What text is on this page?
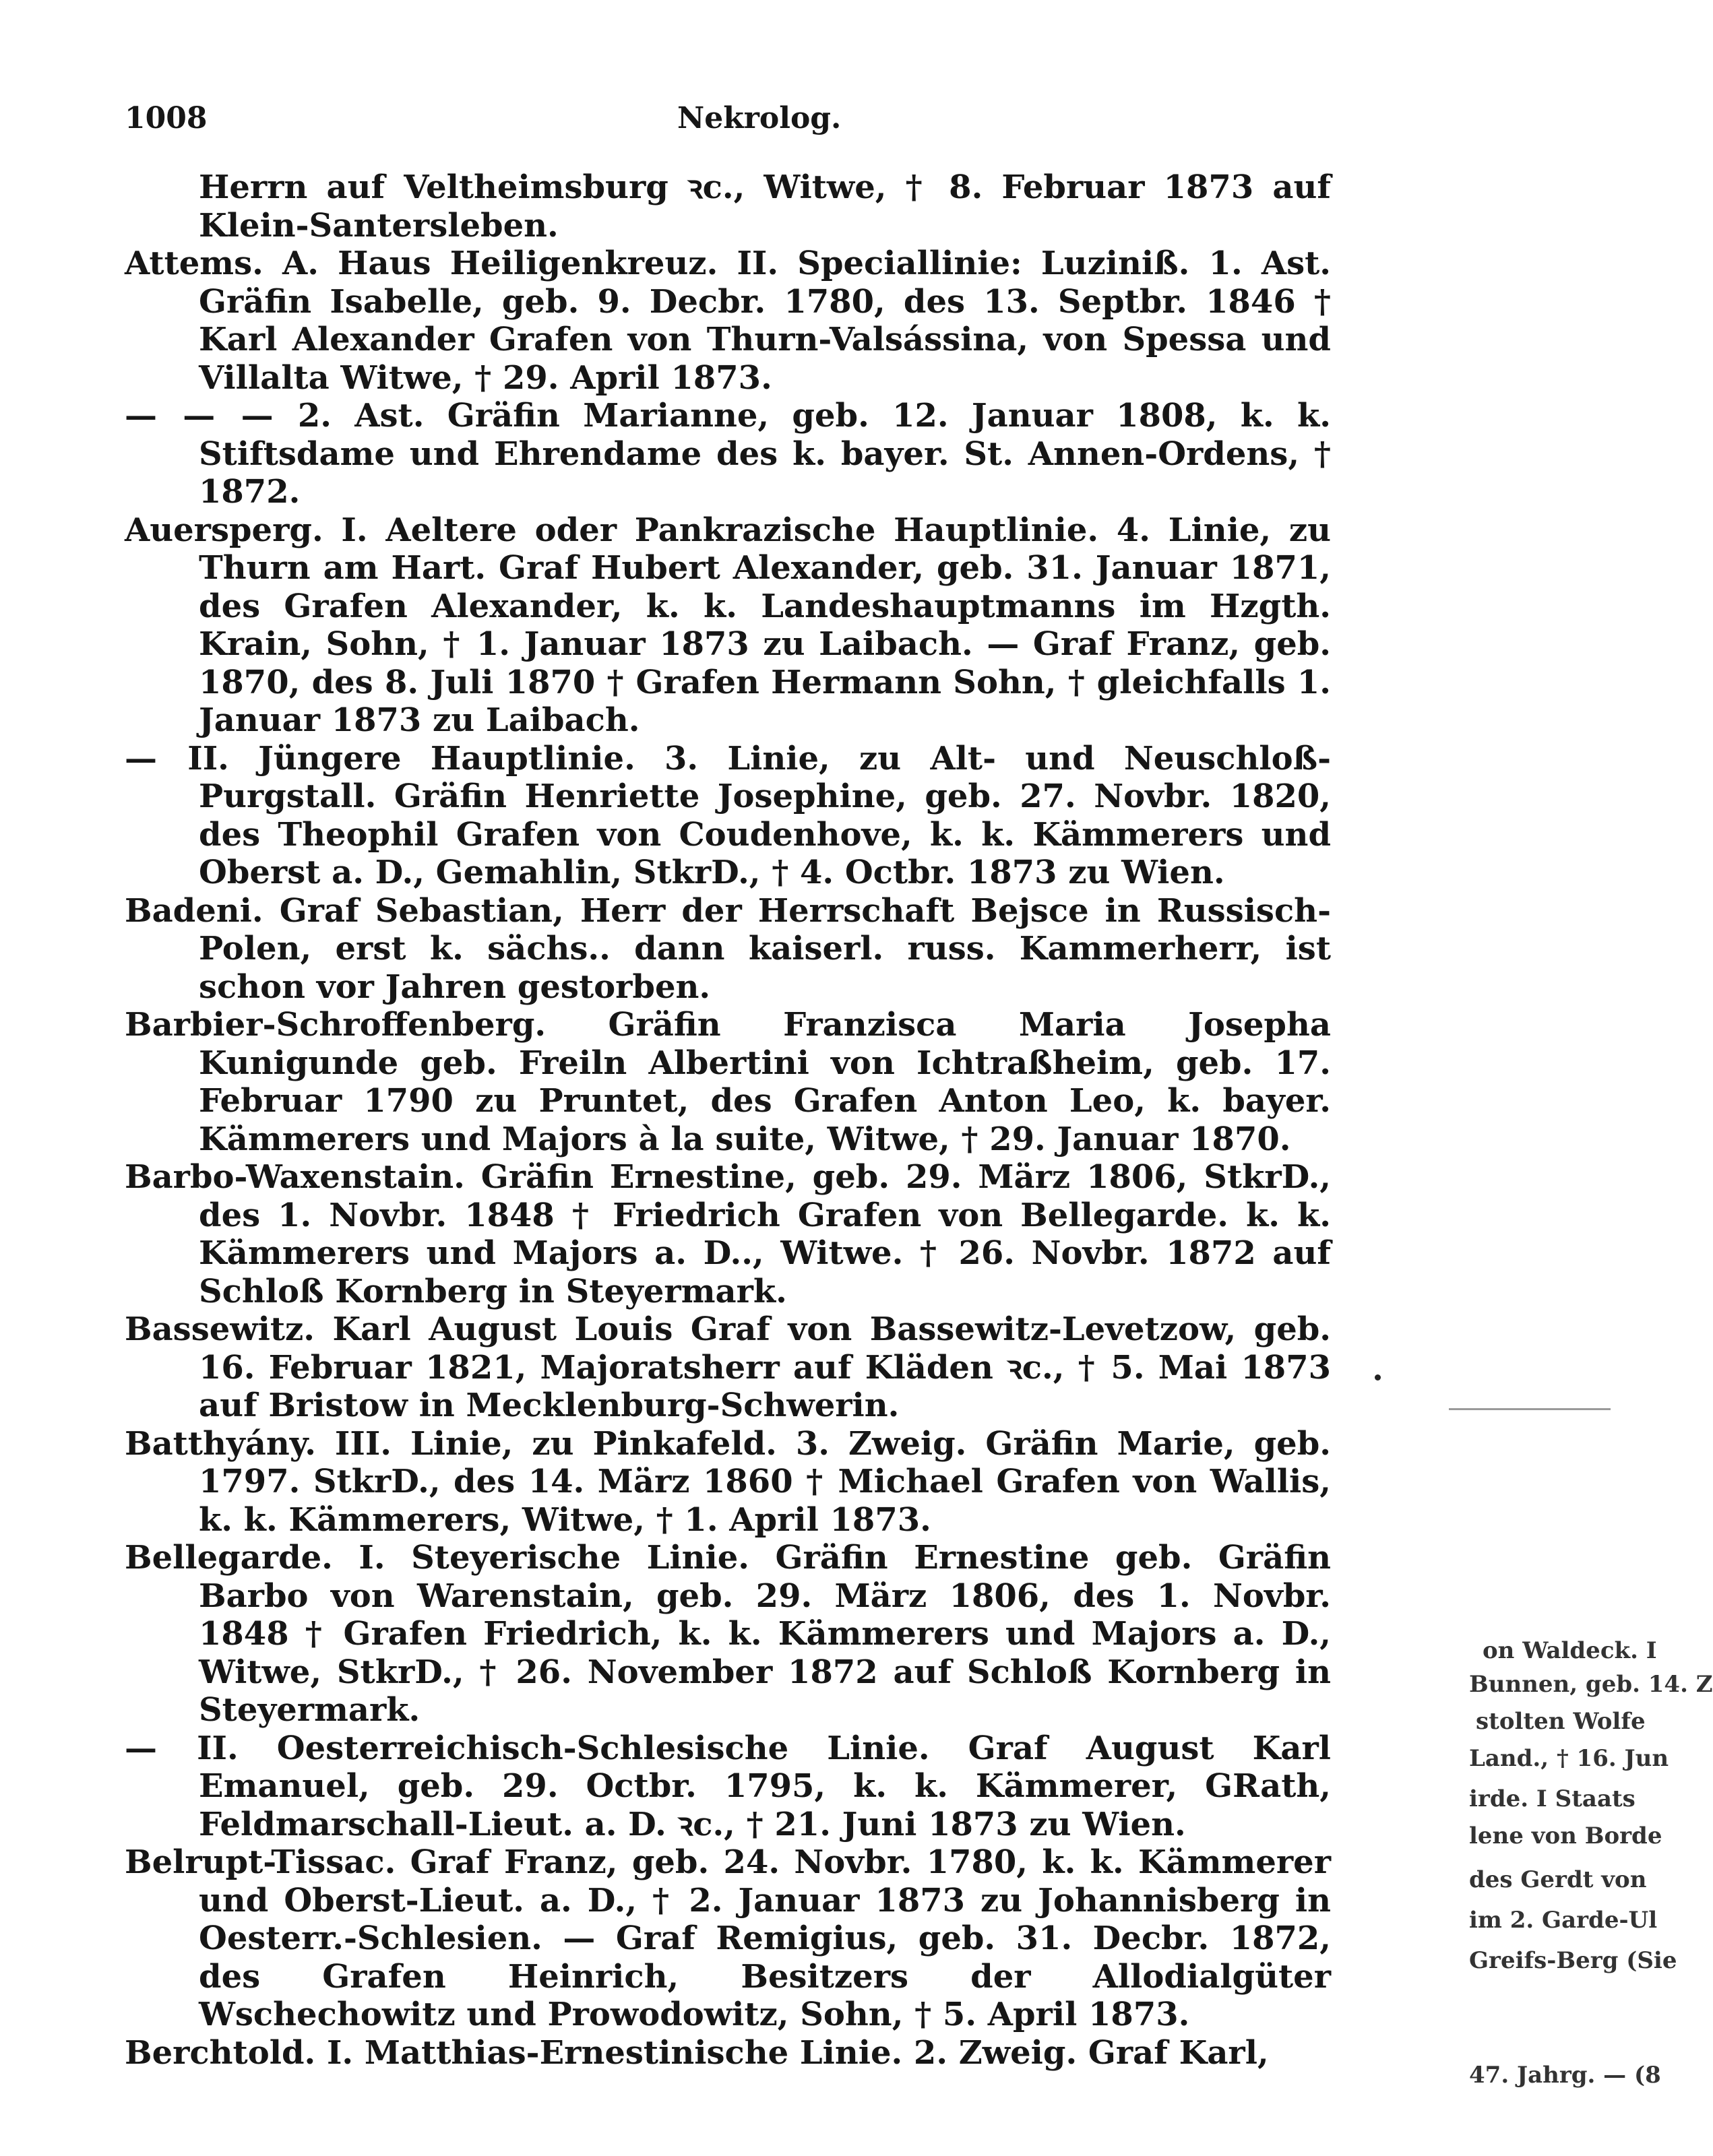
1008	Nekrolog.

Herrn auf Veltheimsburg ꝛc., Witwe, † 8. Februar 1873 auf Klein-Santersleben.

Attems. A. Haus Heiligenkreuz. II. Speciallinie: Luziniß. 1. Ast. Gräfin Isabelle, geb. 9. Decbr. 1780, des 13. Septbr. 1846 † Karl Alexander Grafen von Thurn-Valsássina, von Spessa und Villalta Witwe, † 29. April 1873.

— — — 2. Ast. Gräfin Marianne, geb. 12. Januar 1808, k. k. Stiftsdame und Ehrendame des k. bayer. St. Annen-Ordens, † 1872.

Auersperg. I. Aeltere oder Pankrazische Hauptlinie. 4. Linie, zu Thurn am Hart. Graf Hubert Alexander, geb. 31. Januar 1871, des Grafen Alexander, k. k. Landeshauptmanns im Hzgth. Krain, Sohn, † 1. Januar 1873 zu Laibach. — Graf Franz, geb. 1870, des 8. Juli 1870 † Grafen Hermann Sohn, † gleichfalls 1. Januar 1873 zu Laibach.

— II. Jüngere Hauptlinie. 3. Linie, zu Alt- und Neuschloß-Purgstall. Gräfin Henriette Josephine, geb. 27. Novbr. 1820, des Theophil Grafen von Coudenhove, k. k. Kämmerers und Oberst a. D., Gemahlin, StkrD., † 4. Octbr. 1873 zu Wien.

Badeni. Graf Sebastian, Herr der Herrschaft Bejsce in Russisch-Polen, erst k. sächs.. dann kaiserl. russ. Kammerherr, ist schon vor Jahren gestorben.

Barbier-Schroffenberg. Gräfin Franzisca Maria Josepha Kunigunde geb. Freiln Albertini von Ichtraßheim, geb. 17. Februar 1790 zu Pruntet, des Grafen Anton Leo, k. bayer. Kämmerers und Majors à la suite, Witwe, † 29. Januar 1870.

Barbo-Waxenstain. Gräfin Ernestine, geb. 29. März 1806, StkrD., des 1. Novbr. 1848 † Friedrich Grafen von Bellegarde. k. k. Kämmerers und Majors a. D.., Witwe. † 26. Novbr. 1872 auf Schloß Kornberg in Steyermark.

Bassewitz. Karl August Louis Graf von Bassewitz-Levetzow, geb. 16. Februar 1821, Majoratsherr auf Kläden ꝛc., † 5. Mai 1873 auf Bristow in Mecklenburg-Schwerin.

Batthyány. III. Linie, zu Pinkafeld. 3. Zweig. Gräfin Marie, geb. 1797. StkrD., des 14. März 1860 † Michael Grafen von Wallis, k. k. Kämmerers, Witwe, † 1. April 1873.

Bellegarde. I. Steyerische Linie. Gräfin Ernestine geb. Gräfin Barbo von Warenstain, geb. 29. März 1806, des 1. Novbr. 1848 † Grafen Friedrich, k. k. Kämmerers und Majors a. D., Witwe, StkrD., † 26. November 1872 auf Schloß Kornberg in Steyermark.

— II. Oesterreichisch-Schlesische Linie. Graf August Karl Emanuel, geb. 29. Octbr. 1795, k. k. Kämmerer, GRath, Feldmarschall-Lieut. a. D. ꝛc., † 21. Juni 1873 zu Wien.

Belrupt-Tissac. Graf Franz, geb. 24. Novbr. 1780, k. k. Kämmerer und Oberst-Lieut. a. D., † 2. Januar 1873 zu Johannisberg in Oesterr.-Schlesien. — Graf Remigius, geb. 31. Decbr. 1872, des Grafen Heinrich, Besitzers der Allodialgüter Wschechowitz und Prowodowitz, Sohn, † 5. April 1873.

Berchtold. I. Matthias-Ernestinische Linie. 2. Zweig. Graf Karl,

on Waldeck. I
Bunnen, geb. 14. Z
stolten Wolfe
Land., † 16. Jun
irde. I Staats
lene von Borde
des Gerdt von
im 2. Garde-Ul
Greifs-Berg (Sie
47. Jahrg. — (8
